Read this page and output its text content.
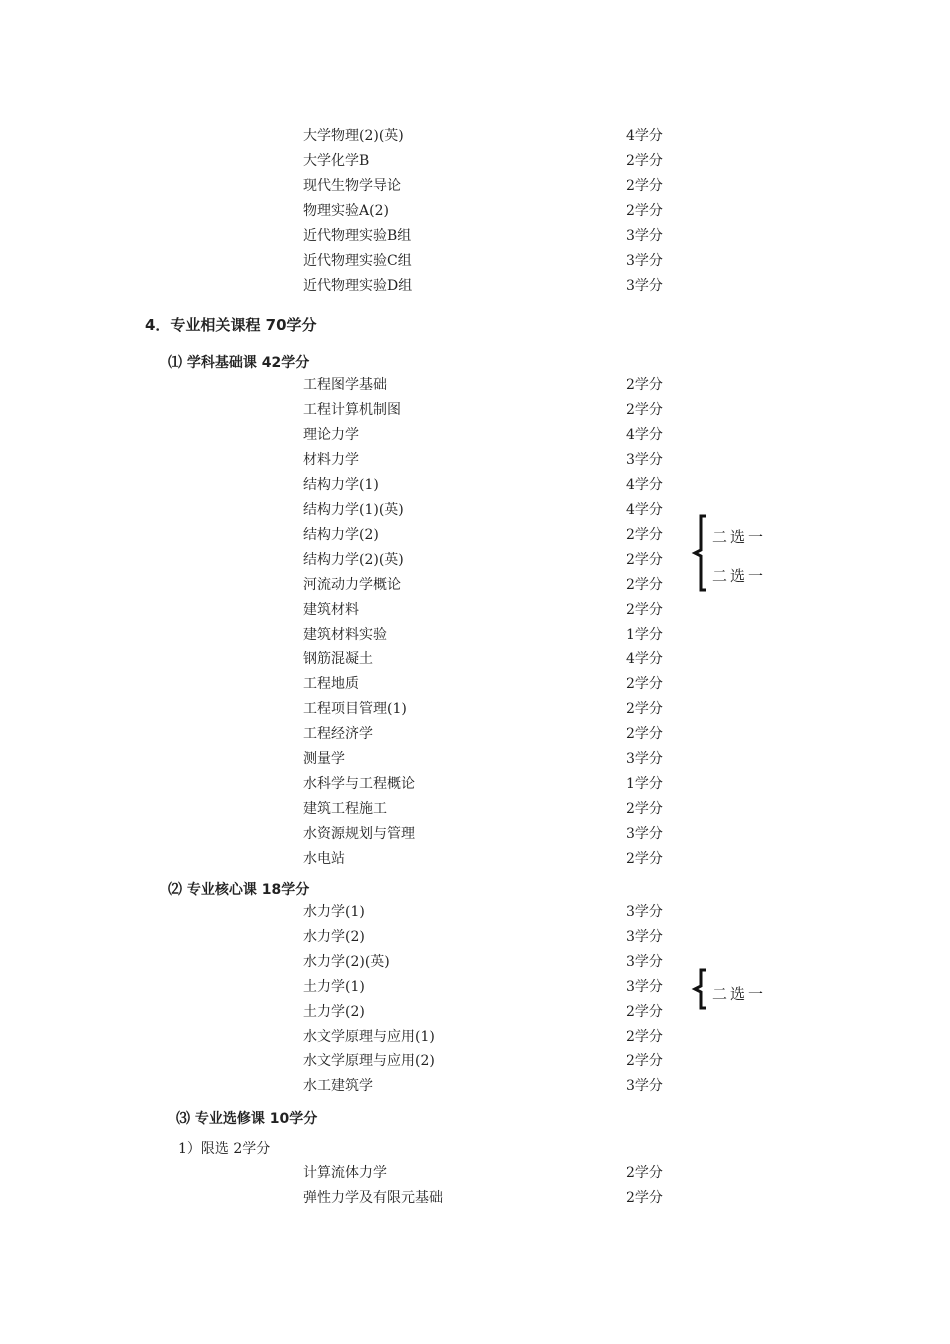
大学物理(2)(英)	4学分
大学化学B	2学分
现代生物学导论	2学分
物理实验A(2)	2学分
近代物理实验B组	3学分
近代物理实验C组	3学分
近代物理实验D组	3学分
4．专业相关课程 70学分
⑴ 学科基础课 42学分
工程图学基础	2学分
工程计算机制图	2学分
理论力学	4学分
材料力学	3学分
结构力学(1)	4学分
结构力学(1)(英)	4学分
结构力学(2)	2学分
结构力学(2)(英)	2学分
河流动力学概论	2学分
建筑材料	2学分
建筑材料实验	1学分
钢筋混凝土	4学分
工程地质	2学分
工程项目管理(1)	2学分
工程经济学	2学分
测量学	3学分
水科学与工程概论	1学分
建筑工程施工	2学分
水资源规划与管理	3学分
水电站	2学分
⑵ 专业核心课 18学分
水力学(1)	3学分
水力学(2)	3学分
水力学(2)(英)	3学分
土力学(1)	3学分
土力学(2)	2学分
水文学原理与应用(1)	2学分
水文学原理与应用(2)	2学分
水工建筑学	3学分
⑶ 专业选修课 10学分
1）限选 2学分
计算流体力学	2学分
弹性力学及有限元基础	2学分
二选一
二选一
二选一
